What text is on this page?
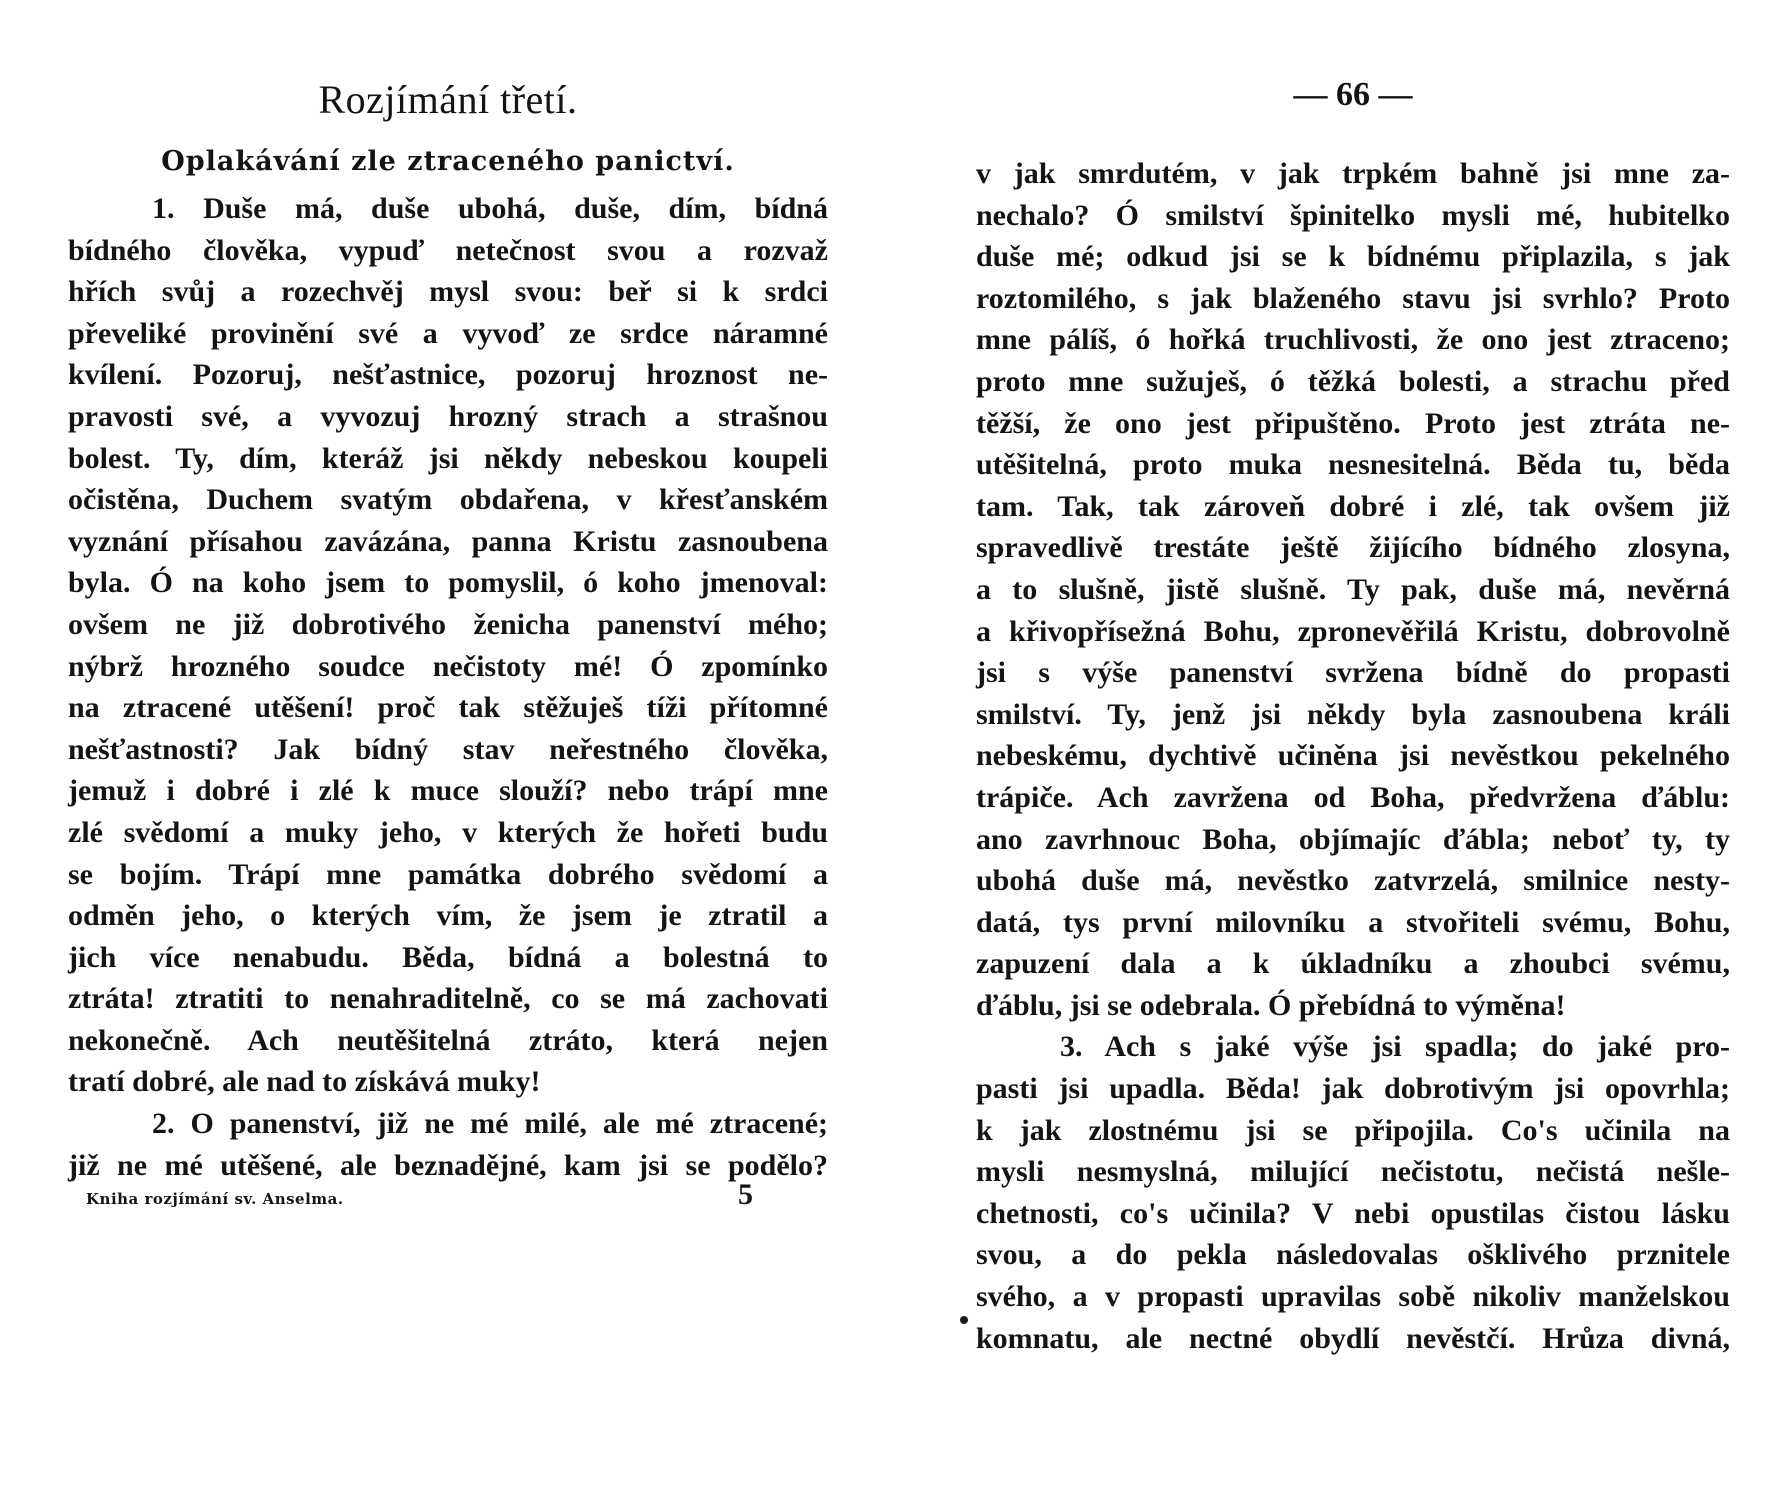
Rozjímání třetí.
Oplakávání zle ztraceného panictví.
1. Duše má, duše ubohá, duše, dím, bídná
bídného člověka, vypuď netečnost svou a rozvaž
hřích svůj a rozechvěj mysl svou: beř si k srdci
převeliké provinění své a vyvoď ze srdce náramné
kvílení. Pozoruj, nešťastnice, pozoruj hroznost ne-
pravosti své, a vyvozuj hrozný strach a strašnou
bolest. Ty, dím, kteráž jsi někdy nebeskou koupeli
očistěna, Duchem svatým obdařena, v křesťanském
vyznání přísahou zavázána, panna Kristu zasnoubena
byla. Ó na koho jsem to pomyslil, ó koho jmenoval:
ovšem ne již dobrotivého ženicha panenství mého;
nýbrž hrozného soudce nečistoty mé! Ó zpomínko
na ztracené utěšení! proč tak stěžuješ tíži přítomné
nešťastnosti? Jak bídný stav neřestného člověka,
jemuž i dobré i zlé k muce slouží? nebo trápí mne
zlé svědomí a muky jeho, v kterých že hořeti budu
se bojím. Trápí mne památka dobrého svědomí a
odměn jeho, o kterých vím, že jsem je ztratil a
jich více nenabudu. Běda, bídná a bolestná to
ztráta! ztratiti to nenahraditelně, co se má zachovati
nekonečně. Ach neutěšitelná ztráto, která nejen
tratí dobré, ale nad to získává muky!
2. O panenství, již ne mé milé, ale mé ztracené;
již ne mé utěšené, ale beznadějné, kam jsi se podělo?
Kniha rozjímání sv. Anselma.	5
— 66 —
v jak smrdutém, v jak trpkém bahně jsi mne za-
nechalo? Ó smilství špinitelko mysli mé, hubitelko
duše mé; odkud jsi se k bídnému připlazila, s jak
roztomilého, s jak blaženého stavu jsi svrhlo? Proto
mne pálíš, ó hořká truchlivosti, že ono jest ztraceno;
proto mne sužuješ, ó těžká bolesti, a strachu před
těžší, že ono jest připuštěno. Proto jest ztráta ne-
utěšitelná, proto muka nesnesitelná. Běda tu, běda
tam. Tak, tak zároveň dobré i zlé, tak ovšem již
spravedlivě trestáte ještě žijícího bídného zlosyna,
a to slušně, jistě slušně. Ty pak, duše má, nevěrná
a křivopřísežná Bohu, zpronevěřilá Kristu, dobrovolně
jsi s výše panenství svržena bídně do propasti
smilství. Ty, jenž jsi někdy byla zasnoubena králi
nebeskému, dychtivě učiněna jsi nevěstkou pekelného
trápiče. Ach zavržena od Boha, předvržena ďáblu:
ano zavrhnouc Boha, objímajíc ďábla; neboť ty, ty
ubohá duše má, nevěstko zatvrzelá, smilnice nesty-
datá, tys první milovníku a stvořiteli svému, Bohu,
zapuzení dala a k úkladníku a zhoubci svému,
ďáblu, jsi se odebrala. Ó přebídná to výměna!
3. Ach s jaké výše jsi spadla; do jaké pro-
pasti jsi upadla. Běda! jak dobrotivým jsi opovrhla;
k jak zlostnému jsi se připojila. Co's učinila na
mysli nesmyslná, milující nečistotu, nečistá nešle-
chetnosti, co's učinila? V nebi opustilas čistou lásku
svou, a do pekla následovalas ošklivého prznitele
svého, a v propasti upravilas sobě nikoliv manželskou
komnatu, ale nectné obydlí nevěstčí. Hrůza divná,
